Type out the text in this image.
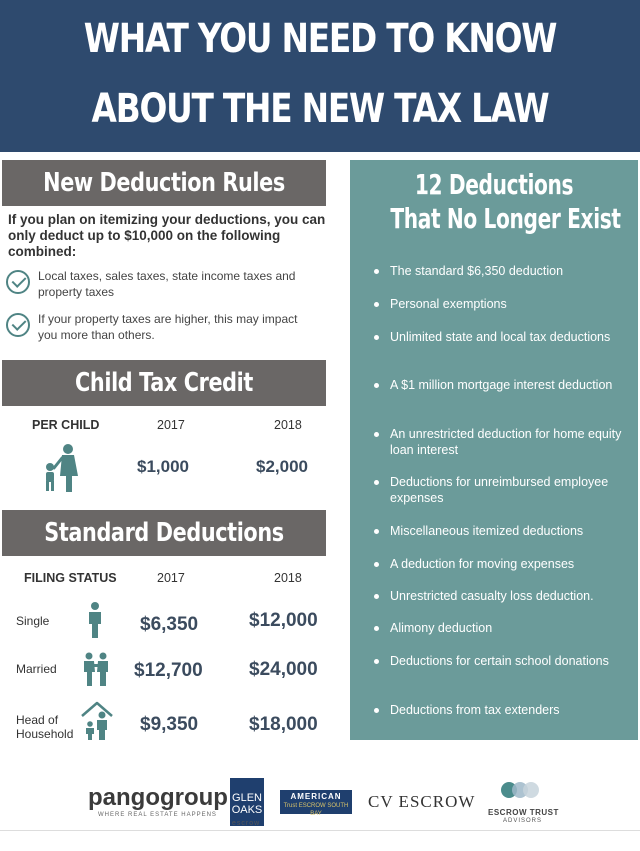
WHAT YOU NEED TO KNOW
ABOUT THE NEW TAX LAW
New Deduction Rules
If you plan on itemizing your deductions, you can only deduct up to $10,000 on the following combined:
Local taxes, sales taxes, state income taxes and property taxes
If your property taxes are higher, this may impact you more than others.
Child Tax Credit
PER CHILD	2017	2018
$1,000	$2,000
Standard Deductions
FILING STATUS	2017	2018
Single	$6,350	$12,000
Married	$12,700 $24,000
Head of Household	$9,350	$18,000
12 Deductions
That No Longer Exist
The standard $6,350 deduction
Personal exemptions
Unlimited state and local tax deductions
A $1 million mortgage interest deduction
An unrestricted deduction for home equity loan interest
Deductions for unreimbursed employee expenses
Miscellaneous itemized deductions
A deduction for moving expenses
Unrestricted casualty loss deduction.
Alimony deduction
Deductions for certain school donations
Deductions from tax extenders
pangogroup
WHERE REAL ESTATE HAPPENS
GLEN OAKS
escrow
AMERICAN
Trust ESCROW SOUTH BAY
CV ESCROW
ESCROW TRUST
ADVISORS
